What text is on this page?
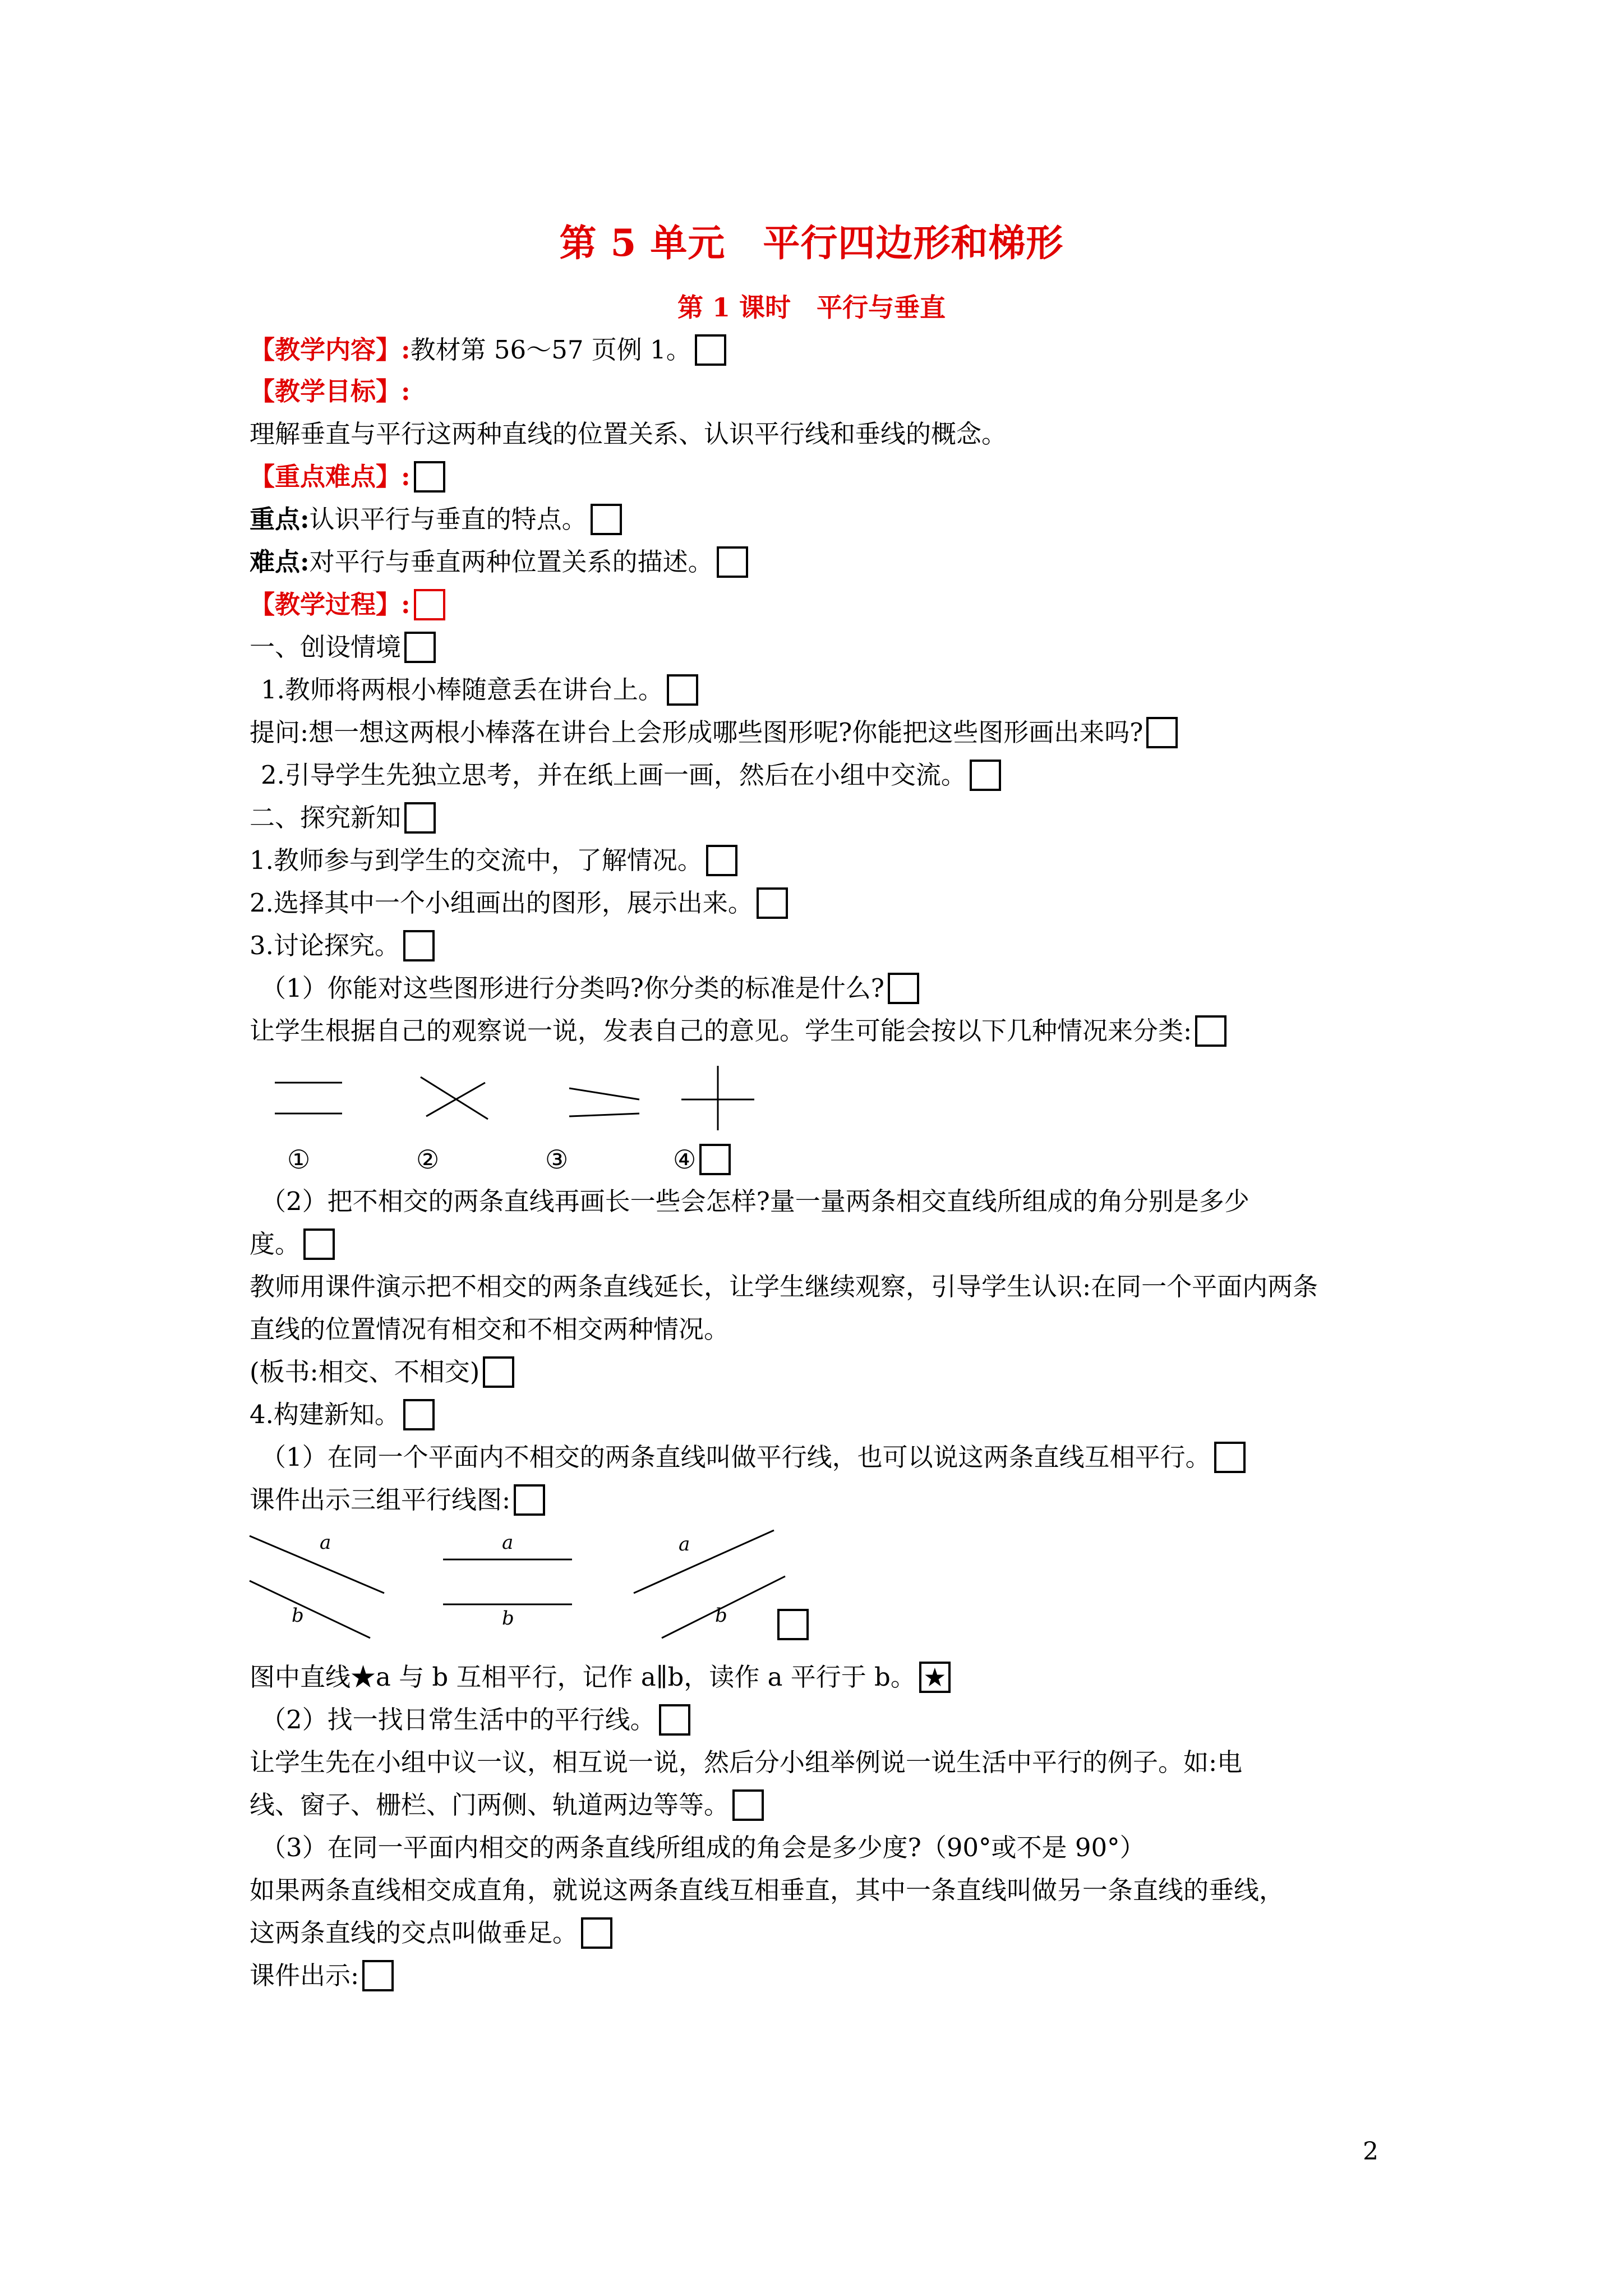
第 5 单元　平行四边形和梯形
第 1 课时　平行与垂直
【教学内容】:教材第 56～57 页例 1。
【教学目标】:
理解垂直与平行这两种直线的位置关系、认识平行线和垂线的概念。
【重点难点】:
重点:认识平行与垂直的特点。
难点:对平行与垂直两种位置关系的描述。
【教学过程】:
一、创设情境
1.教师将两根小棒随意丢在讲台上。
提问:想一想这两根小棒落在讲台上会形成哪些图形呢?你能把这些图形画出来吗?
2.引导学生先独立思考，并在纸上画一画，然后在小组中交流。
二、探究新知
1.教师参与到学生的交流中，了解情况。
2.选择其中一个小组画出的图形，展示出来。
3.讨论探究。
（1）你能对这些图形进行分类吗?你分类的标准是什么?
让学生根据自己的观察说一说，发表自己的意见。学生可能会按以下几种情况来分类:
①	②	③	④
（2）把不相交的两条直线再画长一些会怎样?量一量两条相交直线所组成的角分别是多少
度。
教师用课件演示把不相交的两条直线延长，让学生继续观察，引导学生认识:在同一个平面内两条
直线的位置情况有相交和不相交两种情况。
(板书:相交、不相交)
4.构建新知。
（1）在同一个平面内不相交的两条直线叫做平行线，也可以说这两条直线互相平行。
课件出示三组平行线图:
a
b
a
b
a
b
图中直线★a 与 b 互相平行，记作 a∥b，读作 a 平行于 b。 ★
（2）找一找日常生活中的平行线。
让学生先在小组中议一议，相互说一说，然后分小组举例说一说生活中平行的例子。如:电
线、窗子、栅栏、门两侧、轨道两边等等。
（3）在同一平面内相交的两条直线所组成的角会是多少度?（90°或不是 90°）
如果两条直线相交成直角，就说这两条直线互相垂直，其中一条直线叫做另一条直线的垂线，
这两条直线的交点叫做垂足。
课件出示:
2
